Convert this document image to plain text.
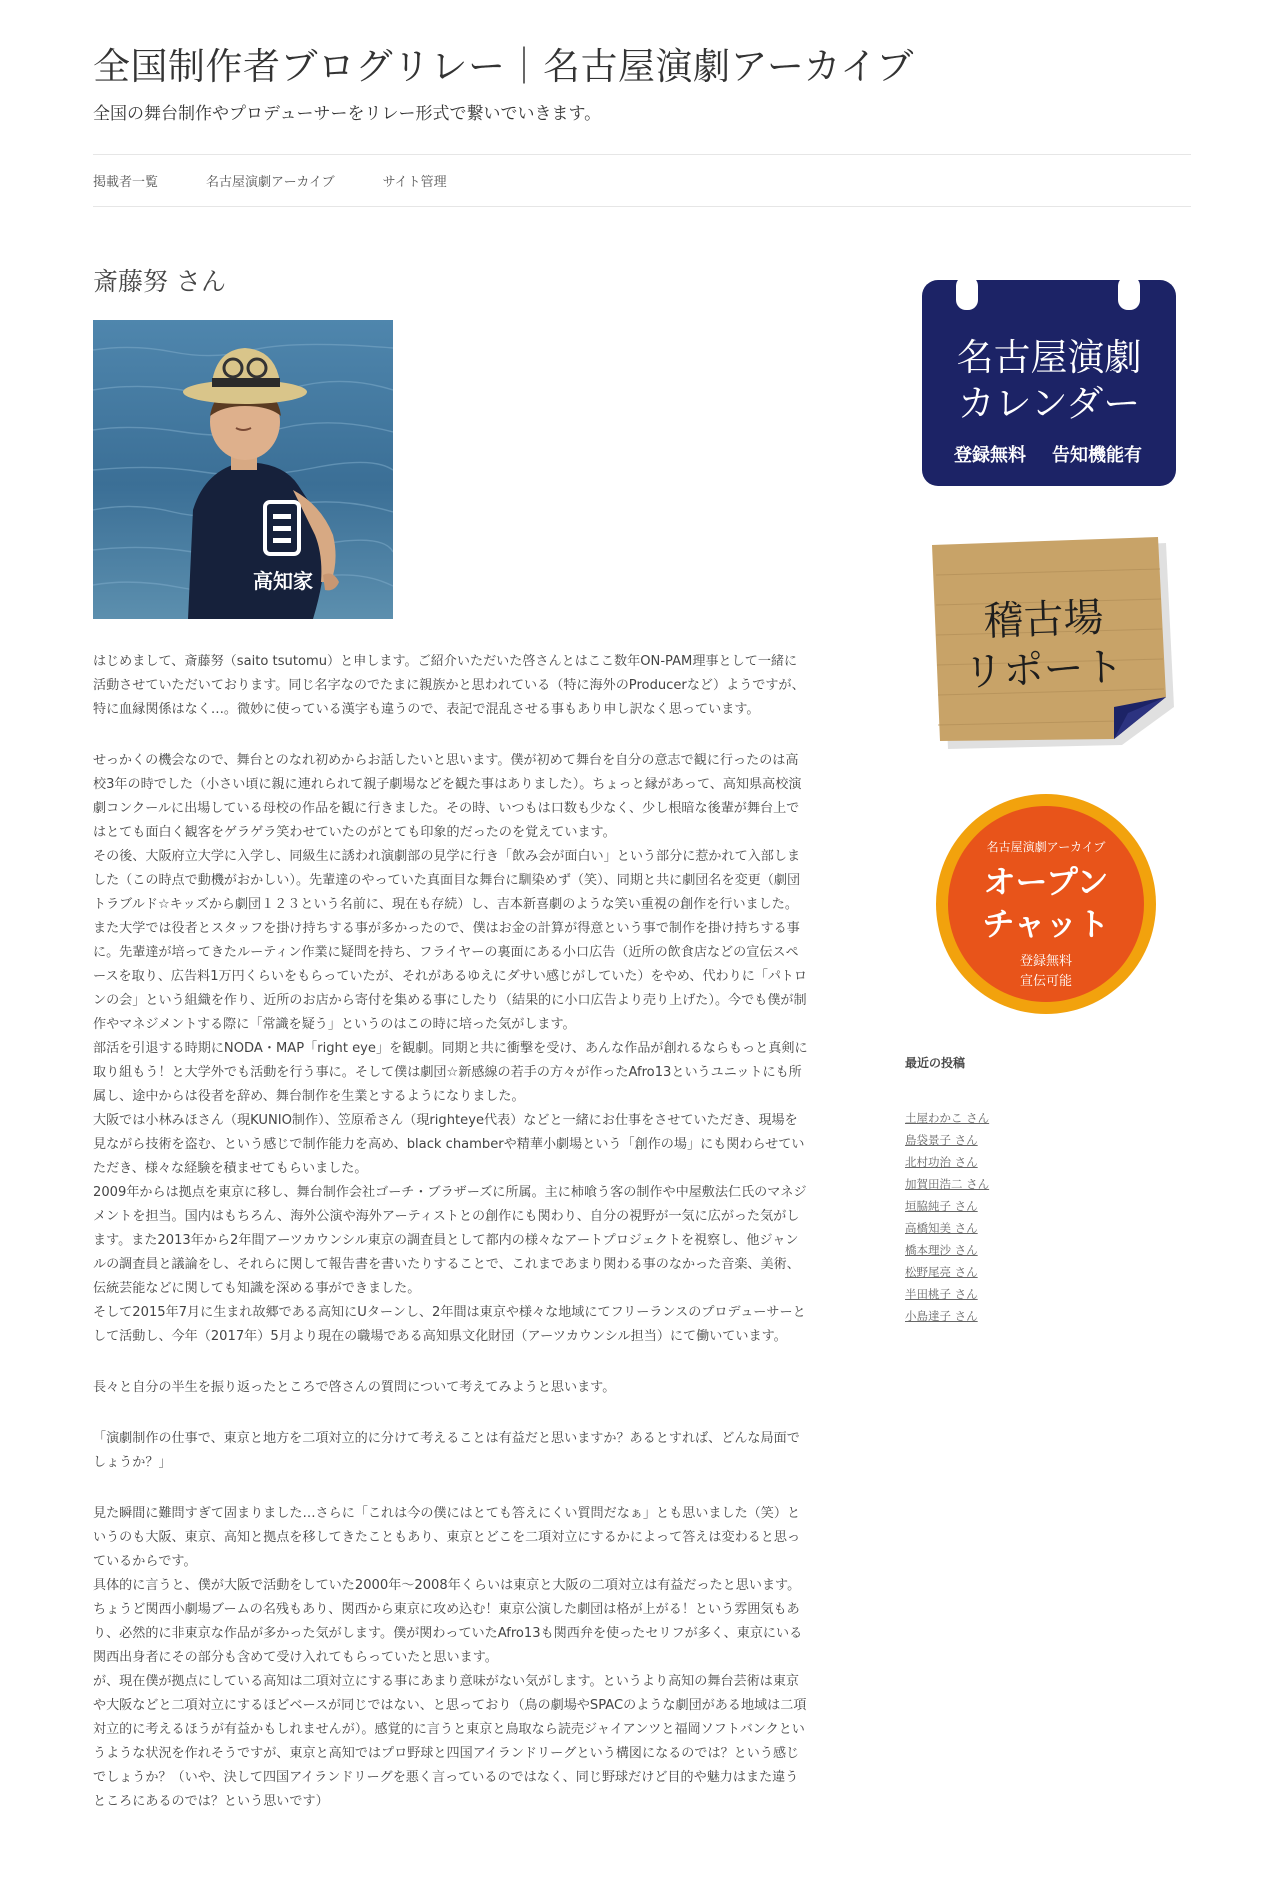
全国制作者ブログリレー｜名古屋演劇アーカイブ

全国の舞台制作やプロデューサーをリレー形式で繋いでいきます。

掲載者一覧	名古屋演劇アーカイブ	サイト管理
斎藤努 さん
高知家

はじめまして、斎藤努（saito tsutomu）と申します。ご紹介いただいた啓さんとはここ数年ON-PAM理事として一緒に活動させていただいております。同じ名字なのでたまに親族かと思われている（特に海外のProducerなど）ようですが、特に血縁関係はなく…。微妙に使っている漢字も違うので、表記で混乱させる事もあり申し訳なく思っています。

せっかくの機会なので、舞台とのなれ初めからお話したいと思います。僕が初めて舞台を自分の意志で観に行ったのは高校3年の時でした（小さい頃に親に連れられて親子劇場などを観た事はありました）。ちょっと縁があって、高知県高校演劇コンクールに出場している母校の作品を観に行きました。その時、いつもは口数も少なく、少し根暗な後輩が舞台上ではとても面白く観客をゲラゲラ笑わせていたのがとても印象的だったのを覚えています。
その後、大阪府立大学に入学し、同級生に誘われ演劇部の見学に行き「飲み会が面白い」という部分に惹かれて入部しました（この時点で動機がおかしい）。先輩達のやっていた真面目な舞台に馴染めず（笑）、同期と共に劇団名を変更（劇団トラブルド☆キッズから劇団１２３という名前に、現在も存続）し、吉本新喜劇のような笑い重視の創作を行いました。また大学では役者とスタッフを掛け持ちする事が多かったので、僕はお金の計算が得意という事で制作を掛け持ちする事に。先輩達が培ってきたルーティン作業に疑問を持ち、フライヤーの裏面にある小口広告（近所の飲食店などの宣伝スペースを取り、広告料1万円くらいをもらっていたが、それがあるゆえにダサい感じがしていた）をやめ、代わりに「パトロンの会」という組織を作り、近所のお店から寄付を集める事にしたり（結果的に小口広告より売り上げた）。今でも僕が制作やマネジメントする際に「常識を疑う」というのはこの時に培った気がします。
部活を引退する時期にNODA・MAP「right eye」を観劇。同期と共に衝撃を受け、あんな作品が創れるならもっと真剣に取り組もう！と大学外でも活動を行う事に。そして僕は劇団☆新感線の若手の方々が作ったAfro13というユニットにも所属し、途中からは役者を辞め、舞台制作を生業とするようになりました。
大阪では小林みほさん（現KUNIO制作）、笠原希さん（現righteye代表）などと一緒にお仕事をさせていただき、現場を見ながら技術を盗む、という感じで制作能力を高め、black chamberや精華小劇場という「創作の場」にも関わらせていただき、様々な経験を積ませてもらいました。
2009年からは拠点を東京に移し、舞台制作会社ゴーチ・ブラザーズに所属。主に柿喰う客の制作や中屋敷法仁氏のマネジメントを担当。国内はもちろん、海外公演や海外アーティストとの創作にも関わり、自分の視野が一気に広がった気がします。また2013年から2年間アーツカウンシル東京の調査員として都内の様々なアートプロジェクトを視察し、他ジャンルの調査員と議論をし、それらに関して報告書を書いたりすることで、これまであまり関わる事のなかった音楽、美術、伝統芸能などに関しても知識を深める事ができました。
そして2015年7月に生まれ故郷である高知にUターンし、2年間は東京や様々な地域にてフリーランスのプロデューサーとして活動し、今年（2017年）5月より現在の職場である高知県文化財団（アーツカウンシル担当）にて働いています。

長々と自分の半生を振り返ったところで啓さんの質問について考えてみようと思います。

「演劇制作の仕事で、東京と地方を二項対立的に分けて考えることは有益だと思いますか？あるとすれば、どんな局面でしょうか？」

見た瞬間に難問すぎて固まりました…さらに「これは今の僕にはとても答えにくい質問だなぁ」とも思いました（笑）というのも大阪、東京、高知と拠点を移してきたこともあり、東京とどこを二項対立にするかによって答えは変わると思っているからです。
具体的に言うと、僕が大阪で活動をしていた2000年～2008年くらいは東京と大阪の二項対立は有益だったと思います。ちょうど関西小劇場ブームの名残もあり、関西から東京に攻め込む！東京公演した劇団は格が上がる！という雰囲気もあり、必然的に非東京な作品が多かった気がします。僕が関わっていたAfro13も関西弁を使ったセリフが多く、東京にいる関西出身者にその部分も含めて受け入れてもらっていたと思います。
が、現在僕が拠点にしている高知は二項対立にする事にあまり意味がない気がします。というより高知の舞台芸術は東京や大阪などと二項対立にするほどベースが同じではない、と思っており（鳥の劇場やSPACのような劇団がある地域は二項対立的に考えるほうが有益かもしれませんが）。感覚的に言うと東京と鳥取なら読売ジャイアンツと福岡ソフトバンクというような状況を作れそうですが、東京と高知ではプロ野球と四国アイランドリーグという構図になるのでは？という感じでしょうか？（いや、決して四国アイランドリーグを悪く言っているのではなく、同じ野球だけど目的や魅力はまた違うところにあるのでは？という思いです）

名古屋演劇
カレンダー
登録無料 告知機能有
稽古場
リポート
名古屋演劇アーカイブ
オープン
チャット
登録無料
宣伝可能
最近の投稿
土屋わかこ さん
島袋景子 さん
北村功治 さん
加賀田浩二 さん
垣脇純子 さん
高橋知美 さん
橋本理沙 さん
松野尾亮 さん
半田桃子 さん
小島達子 さん
